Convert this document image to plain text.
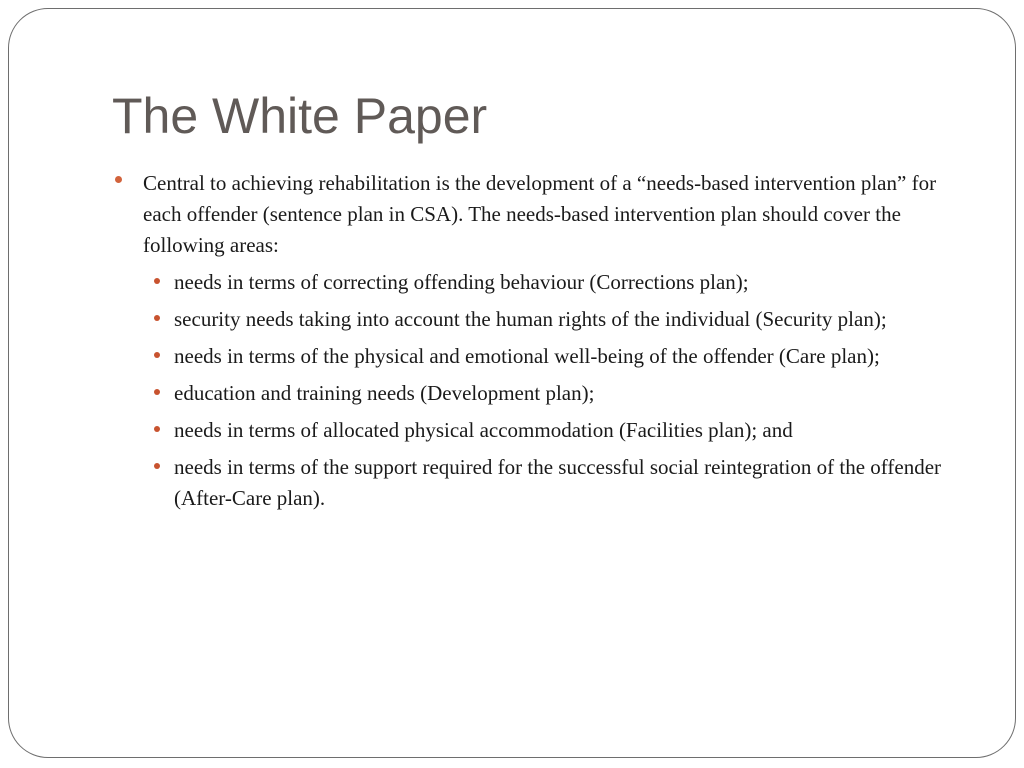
The White Paper

Central to achieving rehabilitation is the development of a “needs-based intervention plan” for each offender (sentence plan in CSA). The needs-based intervention plan should cover the following areas:

needs in terms of correcting offending behaviour (Corrections plan);
security needs taking into account the human rights of the individual (Security plan);
needs in terms of the physical and emotional well-being of the offender (Care plan);
education and training needs (Development plan);
needs in terms of allocated physical accommodation (Facilities plan); and
needs in terms of the support required for the successful social reintegration of the offender (After-Care plan).
